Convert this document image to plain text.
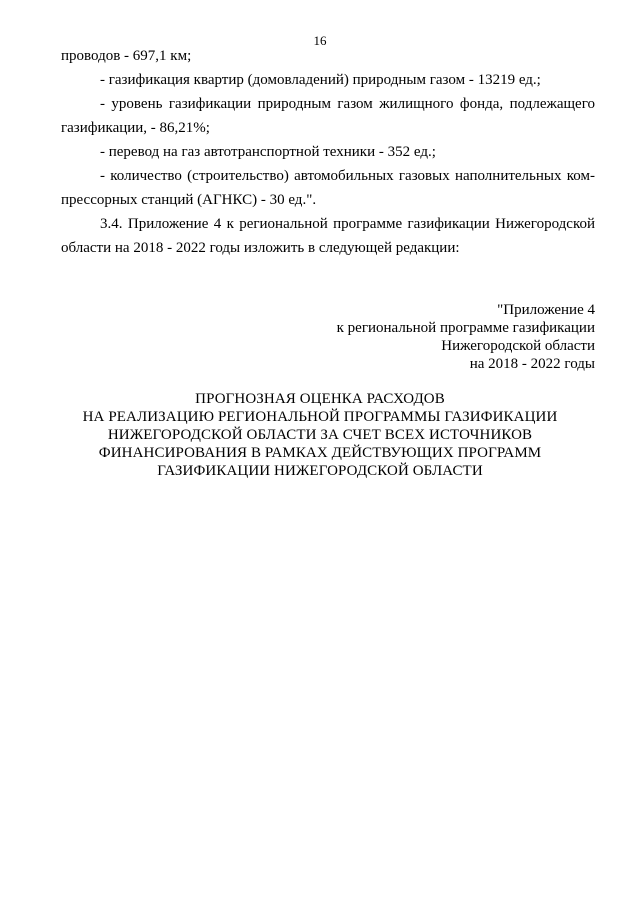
16

проводов - 697,1 км;

- газификация квартир (домовладений) природным газом - 13219 ед.;

- уровень газификации природным газом жилищного фонда, подлежащего
газификации, - 86,21%;

- перевод на газ автотранспортной техники - 352 ед.;

- количество (строительство) автомобильных газовых наполнительных ком-
прессорных станций (АГНКС) - 30 ед.".

3.4. Приложение 4 к региональной программе газификации Нижегородской
области на 2018 - 2022 годы изложить в следующей редакции:

"Приложение 4
к региональной программе газификации
Нижегородской области
на 2018 - 2022 годы
ПРОГНОЗНАЯ ОЦЕНКА РАСХОДОВ
НА РЕАЛИЗАЦИЮ РЕГИОНАЛЬНОЙ ПРОГРАММЫ ГАЗИФИКАЦИИ
НИЖЕГОРОДСКОЙ ОБЛАСТИ ЗА СЧЕТ ВСЕХ ИСТОЧНИКОВ
ФИНАНСИРОВАНИЯ В РАМКАХ ДЕЙСТВУЮЩИХ ПРОГРАММ
ГАЗИФИКАЦИИ НИЖЕГОРОДСКОЙ ОБЛАСТИ
